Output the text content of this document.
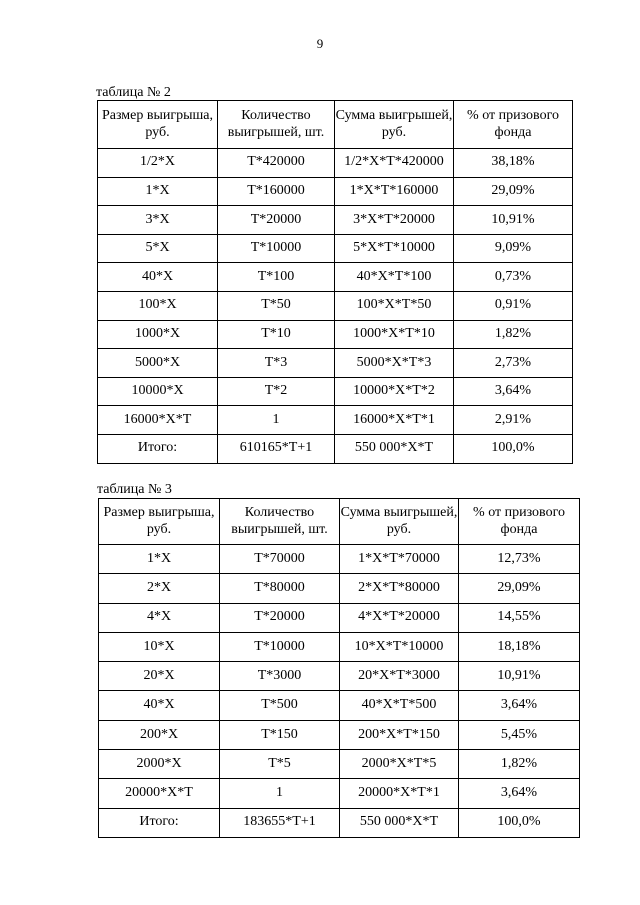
9
таблица № 2
Размер выигрыша, руб.	Количество выигрышей, шт.	Сумма выигрышей, руб.	% от призового фонда
1/2*X	T*420000	1/2*X*T*420000	38,18%
1*X	T*160000	1*X*T*160000	29,09%
3*X	T*20000	3*X*T*20000	10,91%
5*X	T*10000	5*X*T*10000	9,09%
40*X	T*100	40*X*T*100	0,73%
100*X	T*50	100*X*T*50	0,91%
1000*X	T*10	1000*X*T*10	1,82%
5000*X	T*3	5000*X*T*3	2,73%
10000*X	T*2	10000*X*T*2	3,64%
16000*X*T	1	16000*X*T*1	2,91%
Итого:	610165*T+1	550 000*X*T	100,0%
таблица № 3
Размер выигрыша, руб.	Количество выигрышей, шт.	Сумма выигрышей, руб.	% от призового фонда
1*X	T*70000	1*X*T*70000	12,73%
2*X	T*80000	2*X*T*80000	29,09%
4*X	T*20000	4*X*T*20000	14,55%
10*X	T*10000	10*X*T*10000	18,18%
20*X	T*3000	20*X*T*3000	10,91%
40*X	T*500	40*X*T*500	3,64%
200*X	T*150	200*X*T*150	5,45%
2000*X	T*5	2000*X*T*5	1,82%
20000*X*T	1	20000*X*T*1	3,64%
Итого:	183655*T+1	550 000*X*T	100,0%
